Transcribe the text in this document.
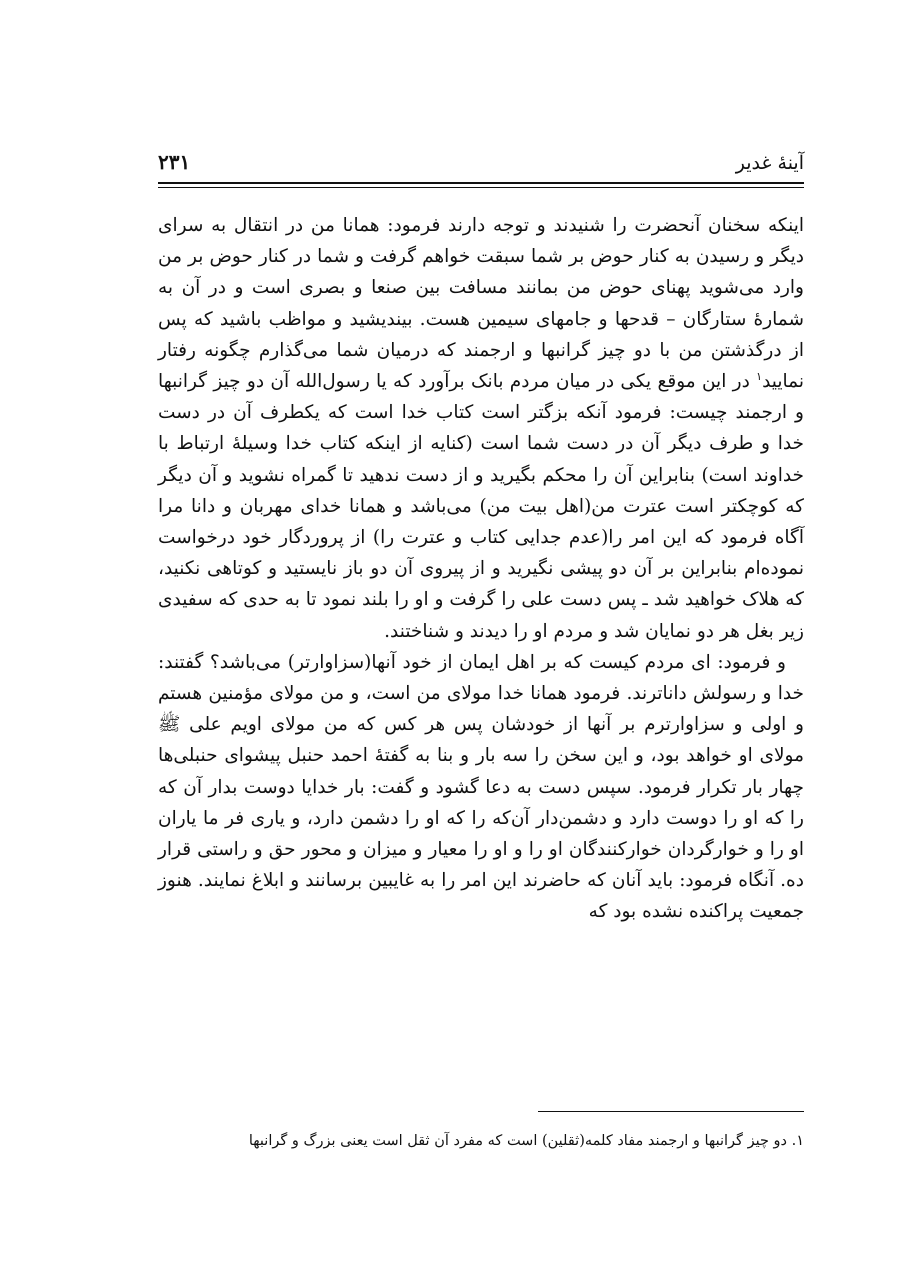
آینهٔ غدیر
۲۳۱

اینکه سخنان آنحضرت را شنیدند و توجه دارند فرمود: همانا من در انتقال به سرای دیگر و رسیدن به کنار حوض بر شما سبقت خواهم گرفت و شما در کنار حوض بر من وارد می‌شوید پهنای حوض من بمانند مسافت بین صنعا و بصری است و در آن به شمارهٔ ستارگان – قدحها و جامهای سیمین هست. بیندیشید و مواظب باشید که پس از درگذشتن من با دو چیز گرانبها و ارجمند که درمیان شما می‌گذارم چگونه رفتار نمایید$^۱$ در این موقع یکی در میان مردم بانک برآورد که یا رسول‌الله آن دو چیز گرانبها و ارجمند چیست: فرمود آنکه بزگتر است کتاب خدا است که یکطرف آن در دست خدا و طرف دیگر آن در دست شما است (کنایه از اینکه کتاب خدا وسیلهٔ ارتباط با خداوند است) بنابراین آن را محکم بگیرید و از دست ندهید تا گمراه نشوید و آن دیگر که کوچکتر است عترت من(اهل بیت من) می‌باشد و همانا خدای مهربان و دانا مرا آگاه فرمود که این امر را(عدم جدایی کتاب و عترت را) از پروردگار خود درخواست نموده‌ام بنابراین بر آن دو پیشی نگیرید و از پیروی آن دو باز نایستید و کوتاهی نکنید، که هلاک خواهید شد ـ پس دست علی را گرفت و او را بلند نمود تا به حدی که سفیدی زیر بغل هر دو نمایان شد و مردم او را دیدند و شناختند.

و فرمود: ای مردم کیست که بر اهل ایمان از خود آنها(سزاوارتر) می‌باشد؟ گفتند: خدا و رسولش داناترند. فرمود همانا خدا مولای من است، و من مولای مؤمنین هستم و اولی و سزاوارترم بر آنها از خودشان پس هر کس که من مولای اویم علی ﷺ مولای او خواهد بود، و این سخن را سه بار و بنا به گفتهٔ احمد حنبل پیشوای حنبلی‌ها چهار بار تکرار فرمود. سپس دست به دعا گشود و گفت: بار خدایا دوست بدار آن که را که او را دوست دارد و دشمن‌دار آن‌که را که او را دشمن دارد، و یاری فر ما یاران او را و خوارگردان خوارکنندگان او را و او را معیار و میزان و محور حق و راستی قرار ده. آنگاه فرمود: باید آنان که حاضرند این امر را به غایبین برسانند و ابلاغ نمایند. هنوز جمعیت پراکنده نشده بود که

۱. دو چیز گرانبها و ارجمند مفاد کلمه(ثقلین) است که مفرد آن ثقل است یعنی بزرگ و گرانبها
